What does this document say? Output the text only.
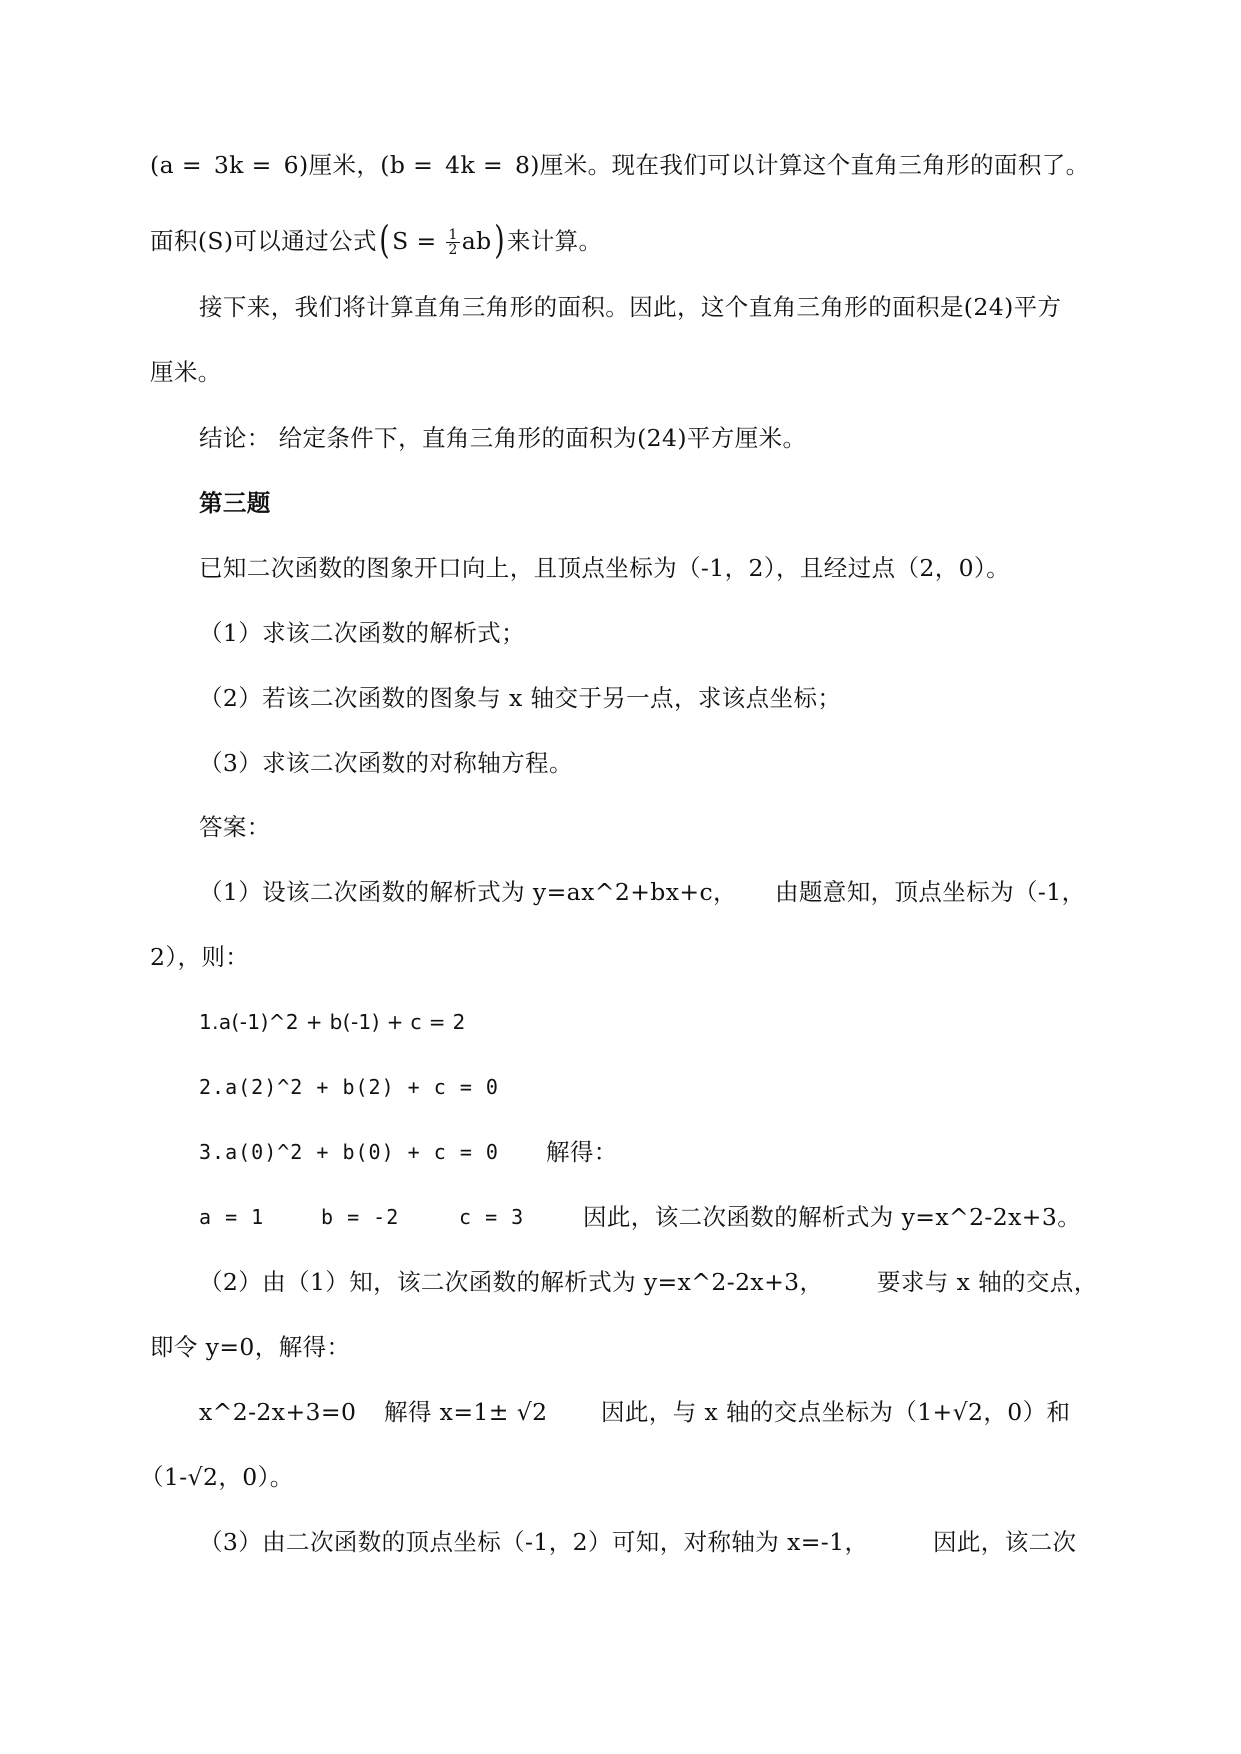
(a = 3k = 6)厘米，(b = 4k = 8)厘米。现在我们可以计算这个直角三角形的面积了。
面积(S)可以通过公式$(S = \frac{1}{2} ab)$来计算。
接下来，我们将计算直角三角形的面积。因此，这个直角三角形的面积是(24)平方
厘米。
结论： 给定条件下，直角三角形的面积为(24)平方厘米。
第三题
已知二次函数的图象开口向上，且顶点坐标为（-1，2），且经过点（2，0）。
（1）求该二次函数的解析式；
（2）若该二次函数的图象与 x 轴交于另一点，求该点坐标；
（3）求该二次函数的对称轴方程。
答案：
（1）设该二次函数的解析式为 y=ax^2+bx+c， 由题意知，顶点坐标为（-1，
2），则：
1.a(-1)^2 + b(-1) + c = 2
2.a(2)^2 + b(2) + c = 0
3.a(0)^2 + b(0) + c = 0 解得：
a = 1	b = -2	c = 3	因此，该二次函数的解析式为 y=x^2-2x+3。
（2）由（1）知，该二次函数的解析式为 y=x^2-2x+3， 要求与 x 轴的交点，
即令 y=0，解得：
x^2-2x+3=0 解得 x=1± √2 因此，与 x 轴的交点坐标为（1+√2，0）和
（1-√2，0）。
（3）由二次函数的顶点坐标（-1，2）可知，对称轴为 x=-1，	因此，该二次
